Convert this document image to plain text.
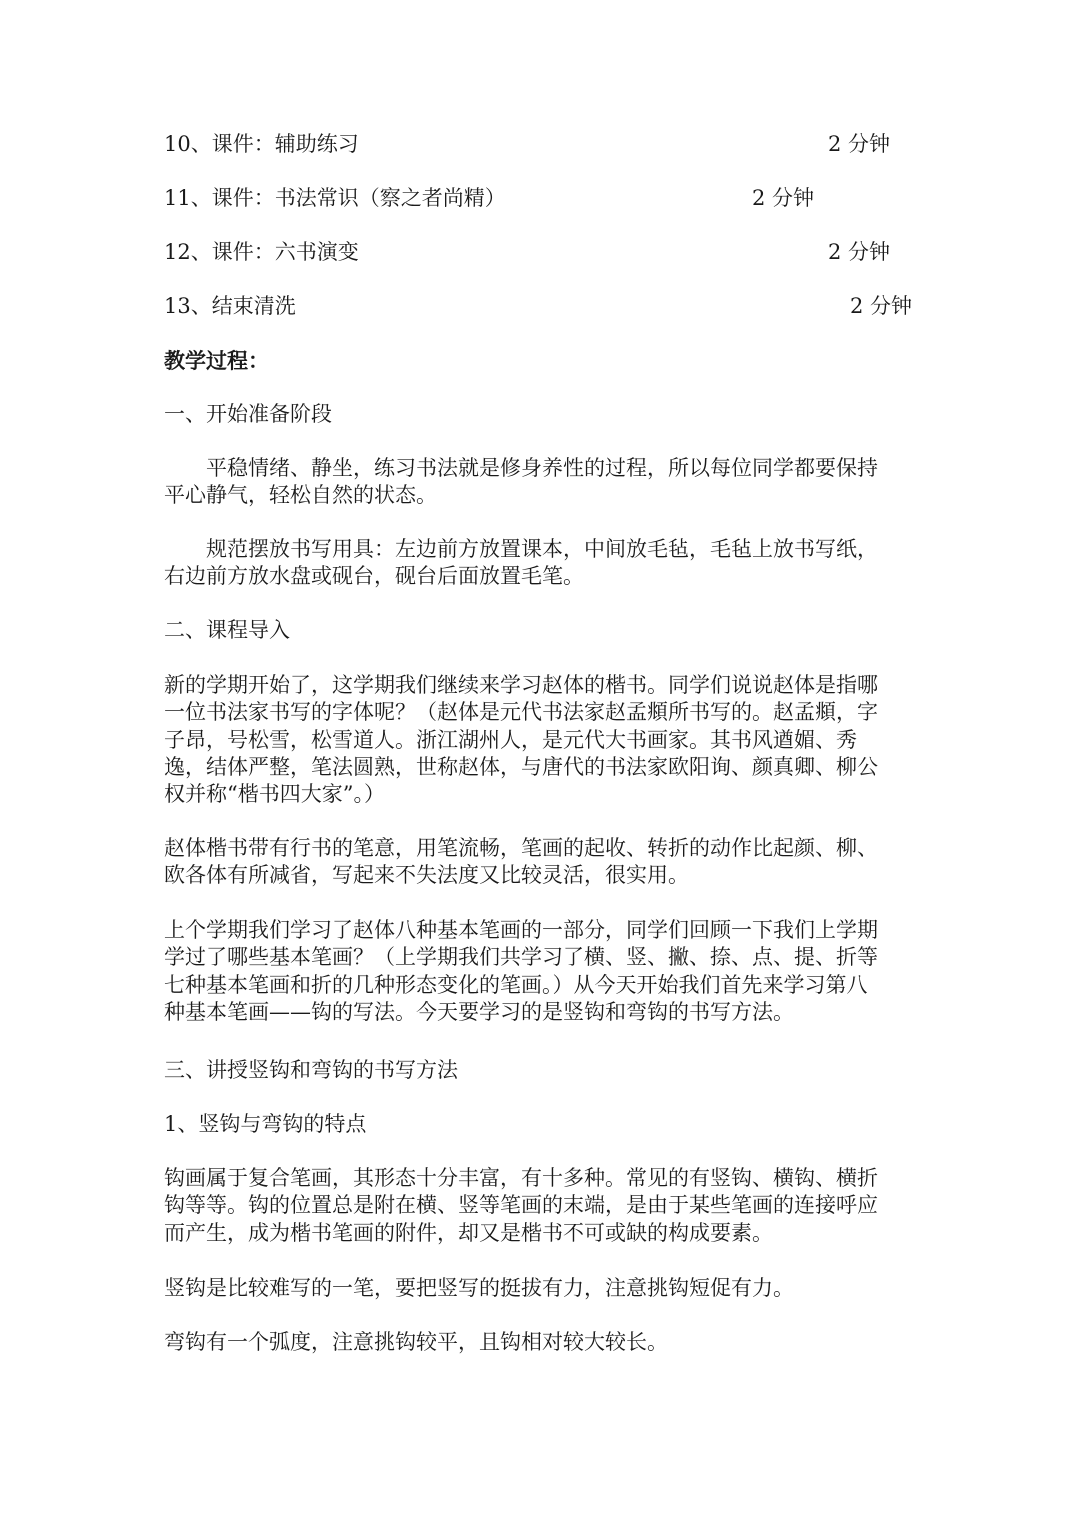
10、课件：辅助练习	2 分钟
11、课件：书法常识（察之者尚精）	2 分钟
12、课件：六书演变	2 分钟
13、结束清洗	2 分钟
教学过程：
一、开始准备阶段
平稳情绪、静坐，练习书法就是修身养性的过程，所以每位同学都要保持
平心静气，轻松自然的状态。
规范摆放书写用具：左边前方放置课本，中间放毛毡，毛毡上放书写纸，
右边前方放水盘或砚台，砚台后面放置毛笔。
二、课程导入
新的学期开始了，这学期我们继续来学习赵体的楷书。同学们说说赵体是指哪
一位书法家书写的字体呢？（赵体是元代书法家赵孟頫所书写的。赵孟頫，字
子昂，号松雪，松雪道人。浙江湖州人，是元代大书画家。其书风遒媚、秀
逸，结体严整，笔法圆熟，世称赵体，与唐代的书法家欧阳询、颜真卿、柳公
权并称“楷书四大家”。）
赵体楷书带有行书的笔意，用笔流畅，笔画的起收、转折的动作比起颜、柳、
欧各体有所减省，写起来不失法度又比较灵活，很实用。
上个学期我们学习了赵体八种基本笔画的一部分，同学们回顾一下我们上学期
学过了哪些基本笔画？（上学期我们共学习了横、竖、撇、捺、点、提、折等
七种基本笔画和折的几种形态变化的笔画。）从今天开始我们首先来学习第八
种基本笔画——钩的写法。今天要学习的是竖钩和弯钩的书写方法。
三、讲授竖钩和弯钩的书写方法
1、竖钩与弯钩的特点
钩画属于复合笔画，其形态十分丰富，有十多种。常见的有竖钩、横钩、横折
钩等等。钩的位置总是附在横、竖等笔画的末端，是由于某些笔画的连接呼应
而产生，成为楷书笔画的附件，却又是楷书不可或缺的构成要素。
竖钩是比较难写的一笔，要把竖写的挺拔有力，注意挑钩短促有力。
弯钩有一个弧度，注意挑钩较平，且钩相对较大较长。
